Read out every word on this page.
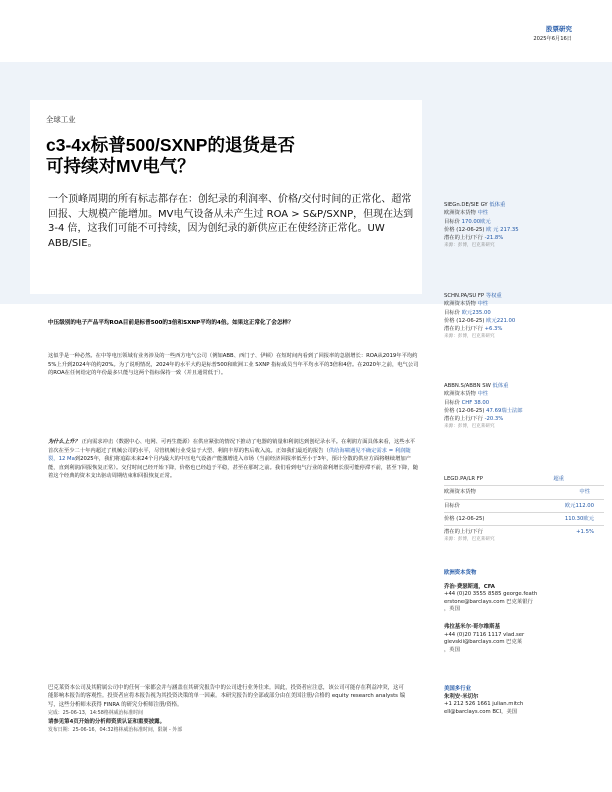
股票研究
2025年6月16日
全球工业
c3-4x标普500/SXNP的退货是否
可持续对MV电气？
一个顶峰周期的所有标志都存在：创纪录的利润率、价格/交付时间的正常化、超常回报、大规模产能增加。MV电气设备从未产生过 ROA > S&P/SXNP，但现在达到 3-4 倍，这我们可能不可持续，因为创纪录的新供应正在使经济正常化。UW ABB/SIE。
中压级别的电子产品平均ROA目前是标普500的3倍和SXNP平均的4倍。如果这正常化了会怎样？
这似乎是一种必然。在中等电压领域有业务涉及的一些西方电气公司（例如ABB、西门子、伊顿）在短时间内看到了回报率的急剧增长：ROA从2019年平均约5%上升到2024年的约20%。为了说明情况，2024年的水平大约是标普500和欧洲工业 SXNP 指标成员当年平均水平的3倍和4倍。在2020年之前，电气公司的ROA在任何给定的年份最多只能与这两个指标保持一致（并且通常低于）。
为什么上升？ 正向需求冲击（数据中心、电网、可再生能源）在供应紧张的情况下推动了电器的销量和利润达到创纪录水平。在利润方面具体来看，这些水平首次在至少二十年内超过了机械公司的水平，尽管机械行业受益于大型、利润丰厚的售后收入流。正如我们最近的报告（供给海啸遇见不确定需求 = 利润随裂，12 Ma到2025年，我们将追踪未来24个月内最大的中压电气设备产能激增进入市场（当前经济回报率低至小于3年，预计分散的供应方面将继续增加产能，直到利润/回报恢复正常）。交付时间已经开始下降，价格也已经趋于平稳，甚至在那时之前。我们看到电气行业的盈利增长很可能停滞不前，甚至下降，随着这个经典的资本支出驱动周期结束和回报恢复正常。
SIEGn.DE/SIE GY 低体重
欧洲资本货物 中性
目标价 170.00欧元
价格 (12-06-25) 欧 元 217.35
潜在的上行/下行 -21.8%
来源：彭博，巴克莱研究
SCHN.PA/SU FP 等权重
欧洲资本货物 中性
目标价 欧元235.00
价格 (12-06-25) 欧元221.00
潜在的上行/下行 +6.3%
来源：彭博，巴克莱研究
ABBN.S/ABBN SW 低体重
欧洲资本货物 中性
目标价 CHF 38.00
价格 (12-06-25) 47.69瑞士法郎
潜在的上行/下行 -20.3%
来源：彭博，巴克莱研究
LEGD.PA/LR FP	超重
欧洲资本货物	中性
目标价	欧元112.00
价格 (12-06-25)	110.30欧元
潜在的上行/下行	+1.5%
来源：彭博，巴克莱研究
欧洲资本货物
乔治·费瑟斯通，CFA
+44 (0)20 3555 8585 george.feath
erstone@barclays.com 巴克莱银行
，英国
弗拉基米尔·哥尔维斯基
+44 (0)20 7116 1117 vlad.ser
gievskii@barclays.com 巴克莱
，英国
美国多行业
朱利安·米切尔
+1 212 526 1661 julian.mitch
ell@barclays.com BCI，美国
巴克莱资本公司及其附属公司中的任何一家都会并与涵盖在其研究报告中的公司进行业务往来。因此，投资者应注意，该公司可能存在利益冲突，这可能影响本报告的客观性。投资者应将本报告视为其投资决策的单一因素。本研究报告的全部或部分由在美国注册/合格的 equity research analysts 编写，这些分析师未获得 FINRA 的研究分析师注册/资格。
完成：25-06-13，14:58格林威治标准时间
请参见第4页开始的分析师资质认证和重要披露。
发布日期：25-06-16，04:32格林威治标准时间，限制 - 外部
